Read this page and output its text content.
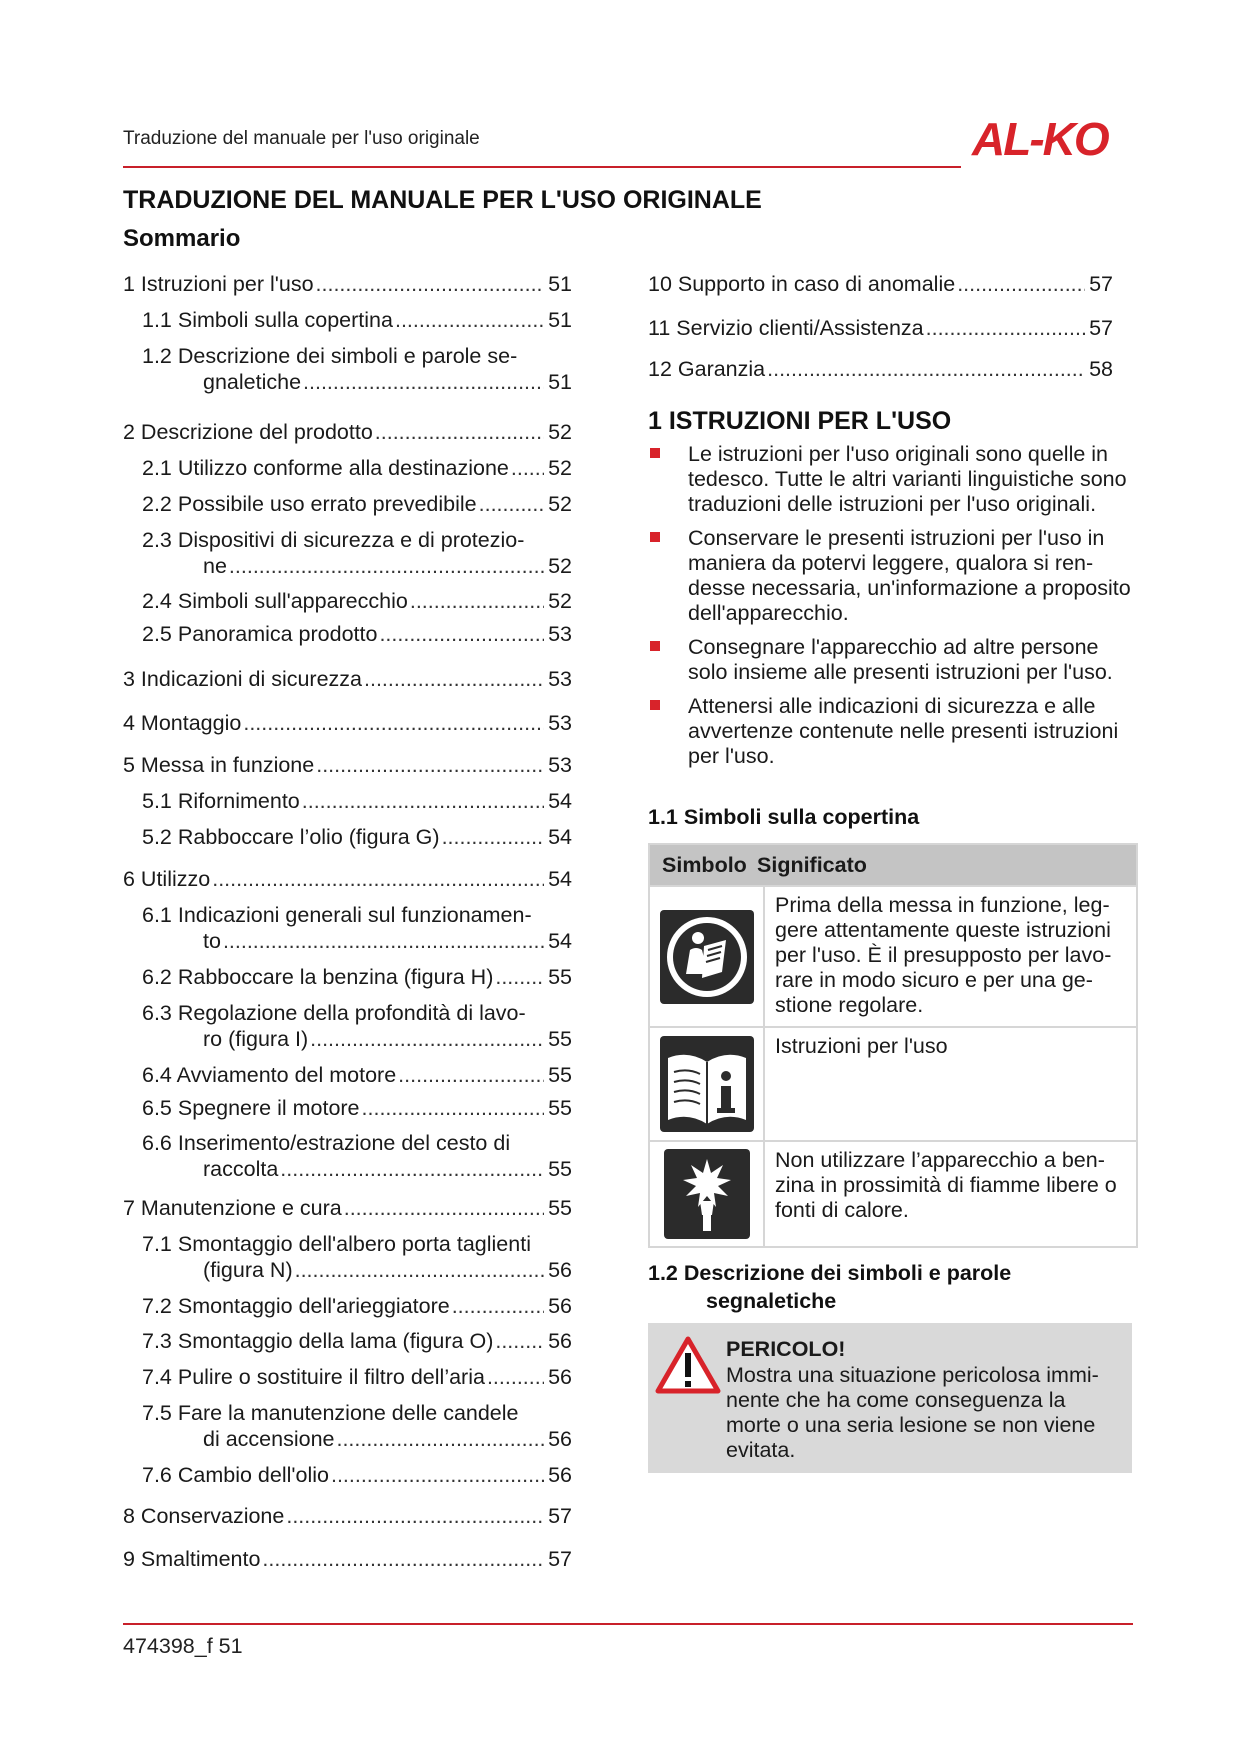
Traduzione del manuale per l'uso originale	AL-KO
TRADUZIONE DEL MANUALE PER L'USO ORIGINALE
Sommario
1 Istruzioni per l'uso .....	51
1.1 Simboli sulla copertina .....	51
1.2 Descrizione dei simboli e parole se-
gnaletiche .....	51
2 Descrizione del prodotto .....	52
2.1 Utilizzo conforme alla destinazione ..... 52
2.2 Possibile uso errato prevedibile .....	52
2.3 Dispositivi di sicurezza e di protezio-
ne .....	52
2.4 Simboli sull'apparecchio .....	52
2.5 Panoramica prodotto .....	53
3 Indicazioni di sicurezza .....	53
4 Montaggio .....	53
5 Messa in funzione .....	53
5.1 Rifornimento .....	54
5.2 Rabboccare l’olio (figura G) .....	54
6 Utilizzo .....	54
6.1 Indicazioni generali sul funzionamen-
to .....	54
6.2 Rabboccare la benzina (figura H) .....	55
6.3 Regolazione della profondità di lavo-
ro (figura I) .....	55
6.4 Avviamento del motore .....	55
6.5 Spegnere il motore .....	55
6.6 Inserimento/estrazione del cesto di
raccolta .....	55
7 Manutenzione e cura .....	55
7.1 Smontaggio dell'albero porta taglienti
(figura N) .....	56
7.2 Smontaggio dell'arieggiatore .....	56
7.3 Smontaggio della lama (figura O) .....	56
7.4 Pulire o sostituire il filtro dell’aria .....	56
7.5 Fare la manutenzione delle candele
di accensione .....	56
7.6 Cambio dell'olio .....	56
8 Conservazione .....	57
9 Smaltimento .....	57
10 Supporto in caso di anomalie .....	57
11 Servizio clienti/Assistenza .....	57
12 Garanzia .....	58
1 ISTRUZIONI PER L'USO
Le istruzioni per l'uso originali sono quelle in tedesco. Tutte le altri varianti linguistiche sono traduzioni delle istruzioni per l'uso originali.
Conservare le presenti istruzioni per l'uso in maniera da potervi leggere, qualora si rendesse necessaria, un'informazione a proposito dell'apparecchio.
Consegnare l'apparecchio ad altre persone solo insieme alle presenti istruzioni per l'uso.
Attenersi alle indicazioni di sicurezza e alle avvertenze contenute nelle presenti istruzioni per l'uso.
1.1 Simboli sulla copertina
Simbolo Significato
Prima della messa in funzione, leggere attentamente queste istruzioni per l'uso. È il presupposto per lavorare in modo sicuro e per una gestione regolare.
Istruzioni per l'uso
Non utilizzare l’apparecchio a benzina in prossimità di fiamme libere o fonti di calore.
1.2 Descrizione dei simboli e parole
segnaletiche
PERICOLO!
Mostra una situazione pericolosa imminente che ha come conseguenza la morte o una seria lesione se non viene evitata.
474398_f 51
